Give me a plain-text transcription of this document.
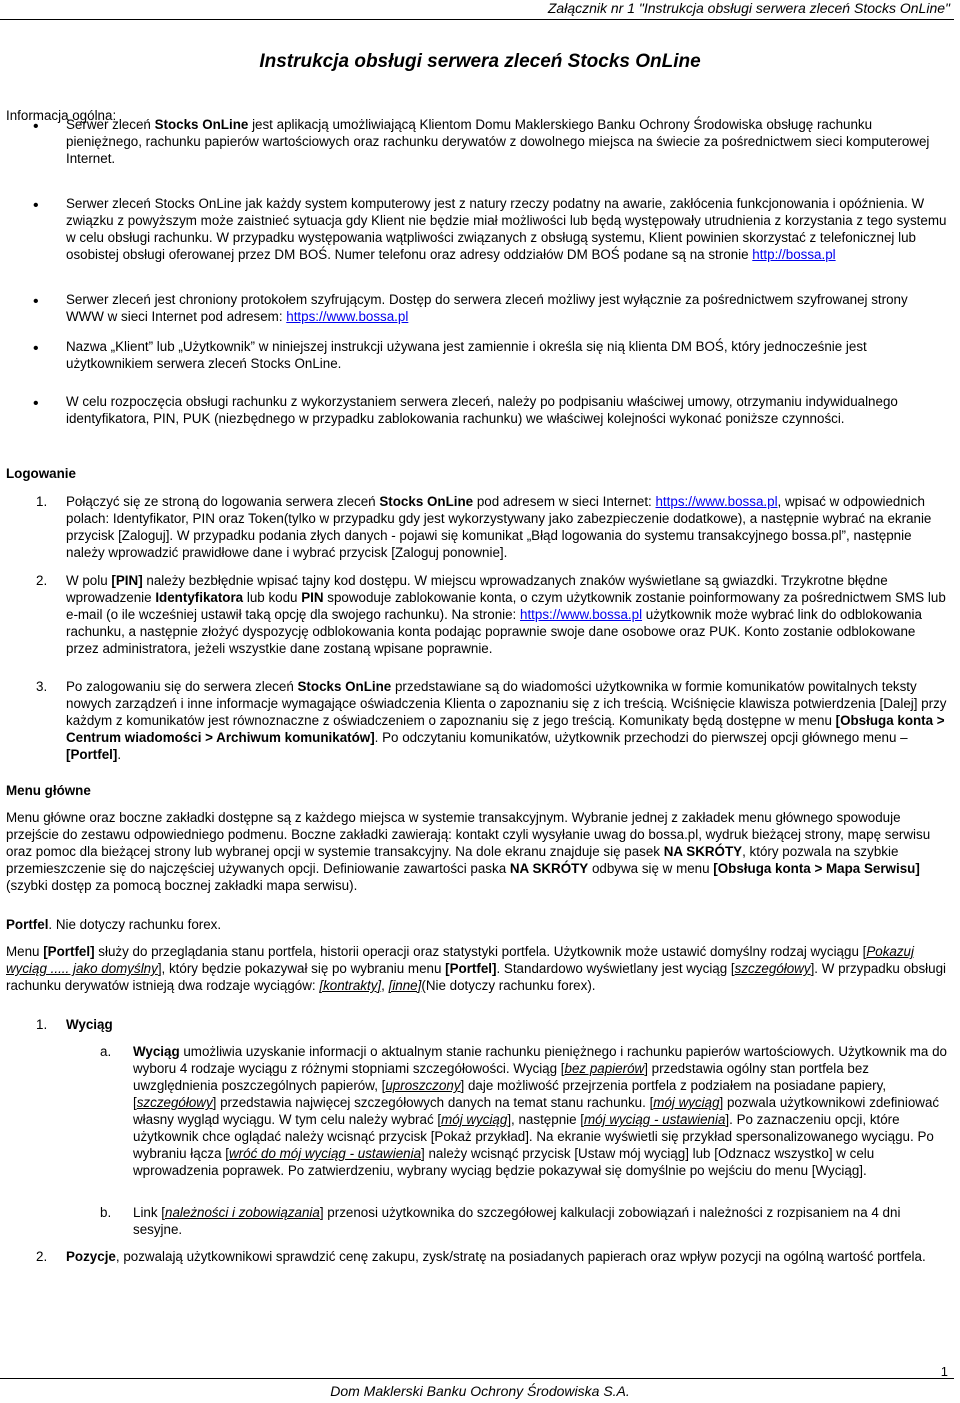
Załącznik nr 1 "Instrukcja obsługi serwera zleceń Stocks OnLine"
Instrukcja obsługi serwera zleceń Stocks OnLine
Informacja ogólna:
• Serwer zleceń Stocks OnLine jest aplikacją umożliwiającą Klientom Domu Maklerskiego Banku Ochrony Środowiska obsługę rachunku pieniężnego, rachunku papierów wartościowych oraz rachunku derywatów z dowolnego miejsca na świecie za pośrednictwem sieci komputerowej Internet.
• Serwer zleceń Stocks OnLine jak każdy system komputerowy jest z natury rzeczy podatny na awarie, zakłócenia funkcjonowania i opóźnienia. W związku z powyższym może zaistnieć sytuacja gdy Klient nie będzie miał możliwości lub będą występowały utrudnienia z korzystania z tego systemu w celu obsługi rachunku. W przypadku występowania wątpliwości związanych z obsługą systemu, Klient powinien skorzystać z telefonicznej lub osobistej obsługi oferowanej przez DM BOŚ. Numer telefonu oraz adresy oddziałów DM BOŚ podane są na stronie http://bossa.pl
• Serwer zleceń jest chroniony protokołem szyfrującym. Dostęp do serwera zleceń możliwy jest wyłącznie za pośrednictwem szyfrowanej strony WWW w sieci Internet pod adresem: https://www.bossa.pl
• Nazwa „Klient” lub „Użytkownik” w niniejszej instrukcji używana jest zamiennie i określa się nią klienta DM BOŚ, który jednocześnie jest użytkownikiem serwera zleceń Stocks OnLine.
• W celu rozpoczęcia obsługi rachunku z wykorzystaniem serwera zleceń, należy po podpisaniu właściwej umowy, otrzymaniu indywidualnego identyfikatora, PIN, PUK (niezbędnego w przypadku zablokowania rachunku) we właściwej kolejności wykonać poniższe czynności.
Logowanie
1. Połączyć się ze stroną do logowania serwera zleceń Stocks OnLine pod adresem w sieci Internet: https://www.bossa.pl, wpisać w odpowiednich polach: Identyfikator, PIN oraz Token(tylko w przypadku gdy jest wykorzystywany jako zabezpieczenie dodatkowe), a następnie wybrać na ekranie przycisk [Zaloguj]. W przypadku podania złych danych - pojawi się komunikat „Błąd logowania do systemu transakcyjnego bossa.pl”, następnie należy wprowadzić prawidłowe dane i wybrać przycisk [Zaloguj ponownie].
2. W polu [PIN] należy bezbłędnie wpisać tajny kod dostępu. W miejscu wprowadzanych znaków wyświetlane są gwiazdki. Trzykrotne błędne wprowadzenie Identyfikatora lub kodu PIN spowoduje zablokowanie konta, o czym użytkownik zostanie poinformowany za pośrednictwem SMS lub e-mail (o ile wcześniej ustawił taką opcję dla swojego rachunku). Na stronie: https://www.bossa.pl użytkownik może wybrać link do odblokowania rachunku, a następnie złożyć dyspozycję odblokowania konta podając poprawnie swoje dane osobowe oraz PUK. Konto zostanie odblokowane przez administratora, jeżeli wszystkie dane zostaną wpisane poprawnie.
3. Po zalogowaniu się do serwera zleceń Stocks OnLine przedstawiane są do wiadomości użytkownika w formie komunikatów powitalnych teksty nowych zarządzeń i inne informacje wymagające oświadczenia Klienta o zapoznaniu się z ich treścią. Wciśnięcie klawisza potwierdzenia [Dalej] przy każdym z komunikatów jest równoznaczne z oświadczeniem o zapoznaniu się z jego treścią. Komunikaty będą dostępne w menu [Obsługa konta > Centrum wiadomości > Archiwum komunikatów]. Po odczytaniu komunikatów, użytkownik przechodzi do pierwszej opcji głównego menu – [Portfel].
Menu główne
Menu główne oraz boczne zakładki dostępne są z każdego miejsca w systemie transakcyjnym. Wybranie jednej z zakładek menu głównego spowoduje przejście do zestawu odpowiedniego podmenu. Boczne zakładki zawierają: kontakt czyli wysyłanie uwag do bossa.pl, wydruk bieżącej strony, mapę serwisu oraz pomoc dla bieżącej strony lub wybranej opcji w systemie transakcyjny. Na dole ekranu znajduje się pasek NA SKRÓTY, który pozwala na szybkie przemieszczenie się do najczęściej używanych opcji. Definiowanie zawartości paska NA SKRÓTY odbywa się w menu [Obsługa konta > Mapa Serwisu] (szybki dostęp za pomocą bocznej zakładki mapa serwisu).
Portfel. Nie dotyczy rachunku forex.
Menu [Portfel] służy do przeglądania stanu portfela, historii operacji oraz statystyki portfela. Użytkownik może ustawić domyślny rodzaj wyciągu [Pokazuj wyciąg ..... jako domyślny], który będzie pokazywał się po wybraniu menu [Portfel]. Standardowo wyświetlany jest wyciąg [szczegółowy]. W przypadku obsługi rachunku derywatów istnieją dwa rodzaje wyciągów: [kontrakty], [inne](Nie dotyczy rachunku forex).
1. Wyciąg
a. Wyciąg umożliwia uzyskanie informacji o aktualnym stanie rachunku pieniężnego i rachunku papierów wartościowych. Użytkownik ma do wyboru 4 rodzaje wyciągu z różnymi stopniami szczegółowości. Wyciąg [bez papierów] przedstawia ogólny stan portfela bez uwzględnienia poszczególnych papierów, [uproszczony] daje możliwość przejrzenia portfela z podziałem na posiadane papiery, [szczegółowy] przedstawia najwięcej szczegółowych danych na temat stanu rachunku. [mój wyciąg] pozwala użytkownikowi zdefiniować własny wygląd wyciągu. W tym celu należy wybrać [mój wyciąg], następnie [mój wyciąg - ustawienia]. Po zaznaczeniu opcji, które użytkownik chce oglądać należy wcisnąć przycisk [Pokaż przykład]. Na ekranie wyświetli się przykład spersonalizowanego wyciągu. Po wybraniu łącza [wróć do mój wyciąg - ustawienia] należy wcisnąć przycisk [Ustaw mój wyciąg] lub [Odznacz wszystko] w celu wprowadzenia poprawek. Po zatwierdzeniu, wybrany wyciąg będzie pokazywał się domyślnie po wejściu do menu [Wyciąg].
b. Link [należności i zobowiązania] przenosi użytkownika do szczegółowej kalkulacji zobowiązań i należności z rozpisaniem na 4 dni sesyjne.
2. Pozycje, pozwalają użytkownikowi sprawdzić cenę zakupu, zysk/stratę na posiadanych papierach oraz wpływ pozycji na ogólną wartość portfela.
1
Dom Maklerski Banku Ochrony Środowiska S.A.
